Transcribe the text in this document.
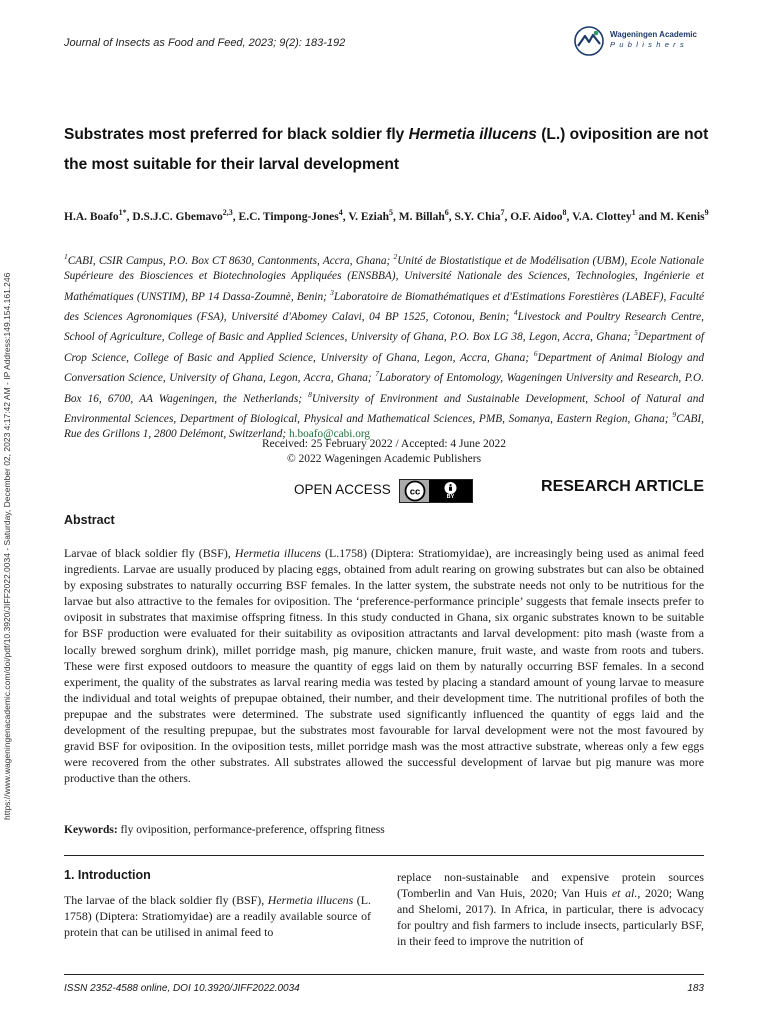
https://www.wageningenacademic.com/doi/pdf/10.3920/JIFF2022.0034 - Saturday, December 02, 2023 4:17:42 AM - IP Address:149.154.161.246
Journal of Insects as Food and Feed, 2023; 9(2): 183-192
Wageningen Academic
Publishers
Substrates most preferred for black soldier fly Hermetia illucens (L.) oviposition are not the most suitable for their larval development
H.A. Boafo$^{1*}$, D.S.J.C. Gbemavo$^{2,3}$, E.C. Timpong-Jones$^4$, V. Eziah$^5$, M. Billah$^6$, S.Y. Chia$^7$, O.F. Aidoo$^8$, V.A. Clottey$^1$ and M. Kenis$^9$
$^1$CABI, CSIR Campus, P.O. Box CT 8630, Cantonments, Accra, Ghana; $^2$Unité de Biostatistique et de Modélisation (UBM), Ecole Nationale Supérieure des Biosciences et Biotechnologies Appliquées (ENSBBA), Université Nationale des Sciences, Technologies, Ingénierie et Mathématiques (UNSTIM), BP 14 Dassa-Zoumnè, Benin; $^3$Laboratoire de Biomathématiques et d'Estimations Forestières (LABEF), Faculté des Sciences Agronomiques (FSA), Université d'Abomey Calavi, 04 BP 1525, Cotonou, Benin; $^4$Livestock and Poultry Research Centre, School of Agriculture, College of Basic and Applied Sciences, University of Ghana, P.O. Box LG 38, Legon, Accra, Ghana; $^5$Department of Crop Science, College of Basic and Applied Science, University of Ghana, Legon, Accra, Ghana; $^6$Department of Animal Biology and Conversation Science, University of Ghana, Legon, Accra, Ghana; $^7$Laboratory of Entomology, Wageningen University and Research, P.O. Box 16, 6700, AA Wageningen, the Netherlands; $^8$University of Environment and Sustainable Development, School of Natural and Environmental Sciences, Department of Biological, Physical and Mathematical Sciences, PMB, Somanya, Eastern Region, Ghana; $^9$CABI, Rue des Grillons 1, 2800 Delémont, Switzerland; h.boafo@cabi.org
Received: 25 February 2022 / Accepted: 4 June 2022
© 2022 Wageningen Academic Publishers
OPEN ACCESS cc	BY
RESEARCH ARTICLE
Abstract
Larvae of black soldier fly (BSF), Hermetia illucens (L.1758) (Diptera: Stratiomyidae), are increasingly being used as animal feed ingredients. Larvae are usually produced by placing eggs, obtained from adult rearing on growing substrates but can also be obtained by exposing substrates to naturally occurring BSF females. In the latter system, the substrate needs not only to be nutritious for the larvae but also attractive to the females for oviposition. The ‘preference-performance principle’ suggests that female insects prefer to oviposit in substrates that maximise offspring fitness. In this study conducted in Ghana, six organic substrates known to be suitable for BSF production were evaluated for their suitability as oviposition attractants and larval development: pito mash (waste from a locally brewed sorghum drink), millet porridge mash, pig manure, chicken manure, fruit waste, and waste from roots and tubers. These were first exposed outdoors to measure the quantity of eggs laid on them by naturally occurring BSF females. In a second experiment, the quality of the substrates as larval rearing media was tested by placing a standard amount of young larvae to measure the individual and total weights of prepupae obtained, their number, and their development time. The nutritional profiles of both the prepupae and the substrates were determined. The substrate used significantly influenced the quantity of eggs laid and the development of the resulting prepupae, but the substrates most favourable for larval development were not the most favoured by gravid BSF for oviposition. In the oviposition tests, millet porridge mash was the most attractive substrate, whereas only a few eggs were recovered from the other substrates. All substrates allowed the successful development of larvae but pig manure was more productive than the others.
Keywords: fly oviposition, performance-preference, offspring fitness
1. Introduction

The larvae of the black soldier fly (BSF), Hermetia illucens (L. 1758) (Diptera: Stratiomyidae) are a readily available source of protein that can be utilised in animal feed to

replace non-sustainable and expensive protein sources (Tomberlin and Van Huis, 2020; Van Huis et al., 2020; Wang and Shelomi, 2017). In Africa, in particular, there is advocacy for poultry and fish farmers to include insects, particularly BSF, in their feed to improve the nutrition of

ISSN 2352-4588 online, DOI 10.3920/JIFF2022.0034	183
